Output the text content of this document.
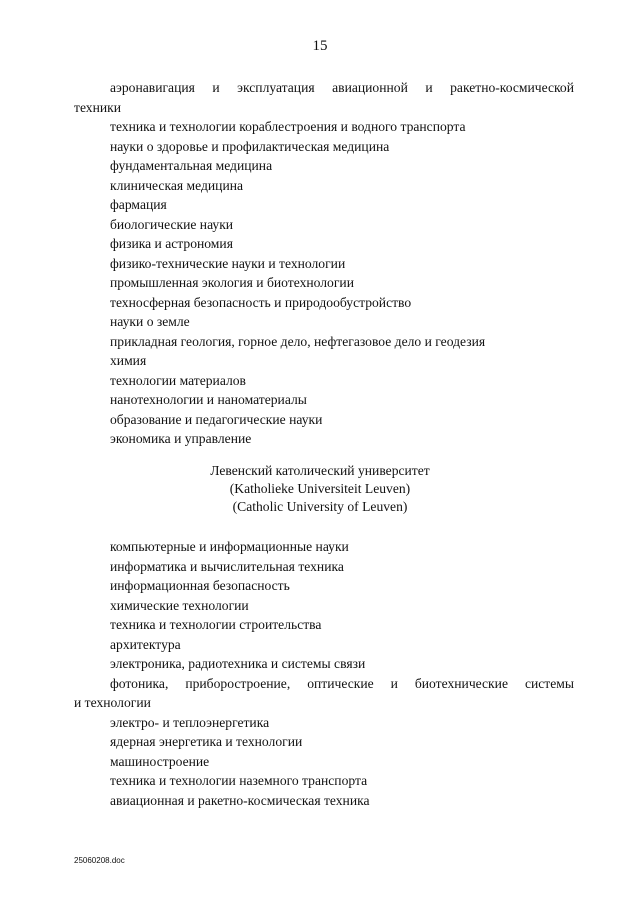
15
аэронавигация и эксплуатация авиационной и ракетно-космической
техники
техника и технологии кораблестроения и водного транспорта
науки о здоровье и профилактическая медицина
фундаментальная медицина
клиническая медицина
фармация
биологические науки
физика и астрономия
физико-технические науки и технологии
промышленная экология и биотехнологии
техносферная безопасность и природообустройство
науки о земле
прикладная геология, горное дело, нефтегазовое дело и геодезия
химия
технологии материалов
нанотехнологии и наноматериалы
образование и педагогические науки
экономика и управление
Левенский католический университет
(Katholieke Universiteit Leuven)
(Catholic University of Leuven)
компьютерные и информационные науки
информатика и вычислительная техника
информационная безопасность
химические технологии
техника и технологии строительства
архитектура
электроника, радиотехника и системы связи
фотоника, приборостроение, оптические и биотехнические системы
и технологии
электро- и теплоэнергетика
ядерная энергетика и технологии
машиностроение
техника и технологии наземного транспорта
авиационная и ракетно-космическая техника
25060208.doc
